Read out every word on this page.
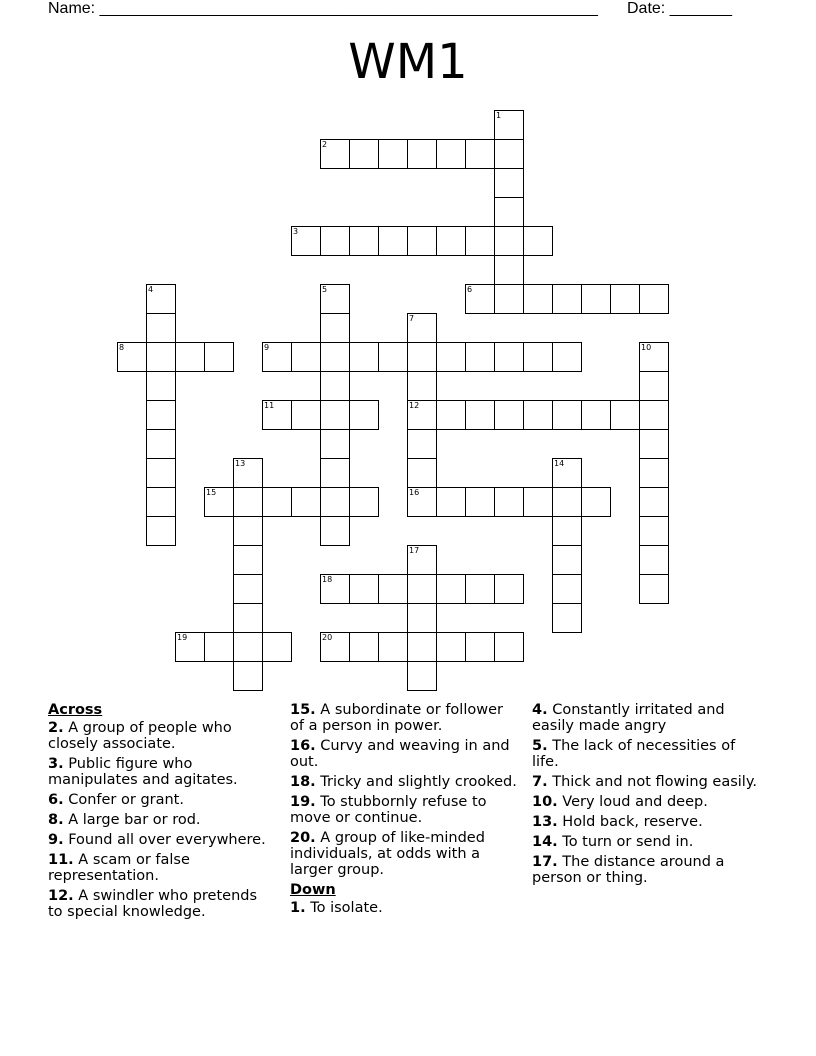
Name: ________________________________________________________ Date: _______
WM1
1
2
3
6
4	5
7
12
16
8	9	10
11
13	14
15
17
18
19	20
Across
2. A group of people who closely associate.
3. Public figure who manipulates and agitates.
6. Confer or grant.
8. A large bar or rod.
9. Found all over everywhere.
11. A scam or false representation.
12. A swindler who pretends to special knowledge.
15. A subordinate or follower of a person in power.
16. Curvy and weaving in and out.
18. Tricky and slightly crooked.
19. To stubbornly refuse to move or continue.
20. A group of like-minded individuals, at odds with a larger group.
Down
1. To isolate.
4. Constantly irritated and easily made angry
5. The lack of necessities of life.
7. Thick and not flowing easily.
10. Very loud and deep.
13. Hold back, reserve.
14. To turn or send in.
17. The distance around a person or thing.
